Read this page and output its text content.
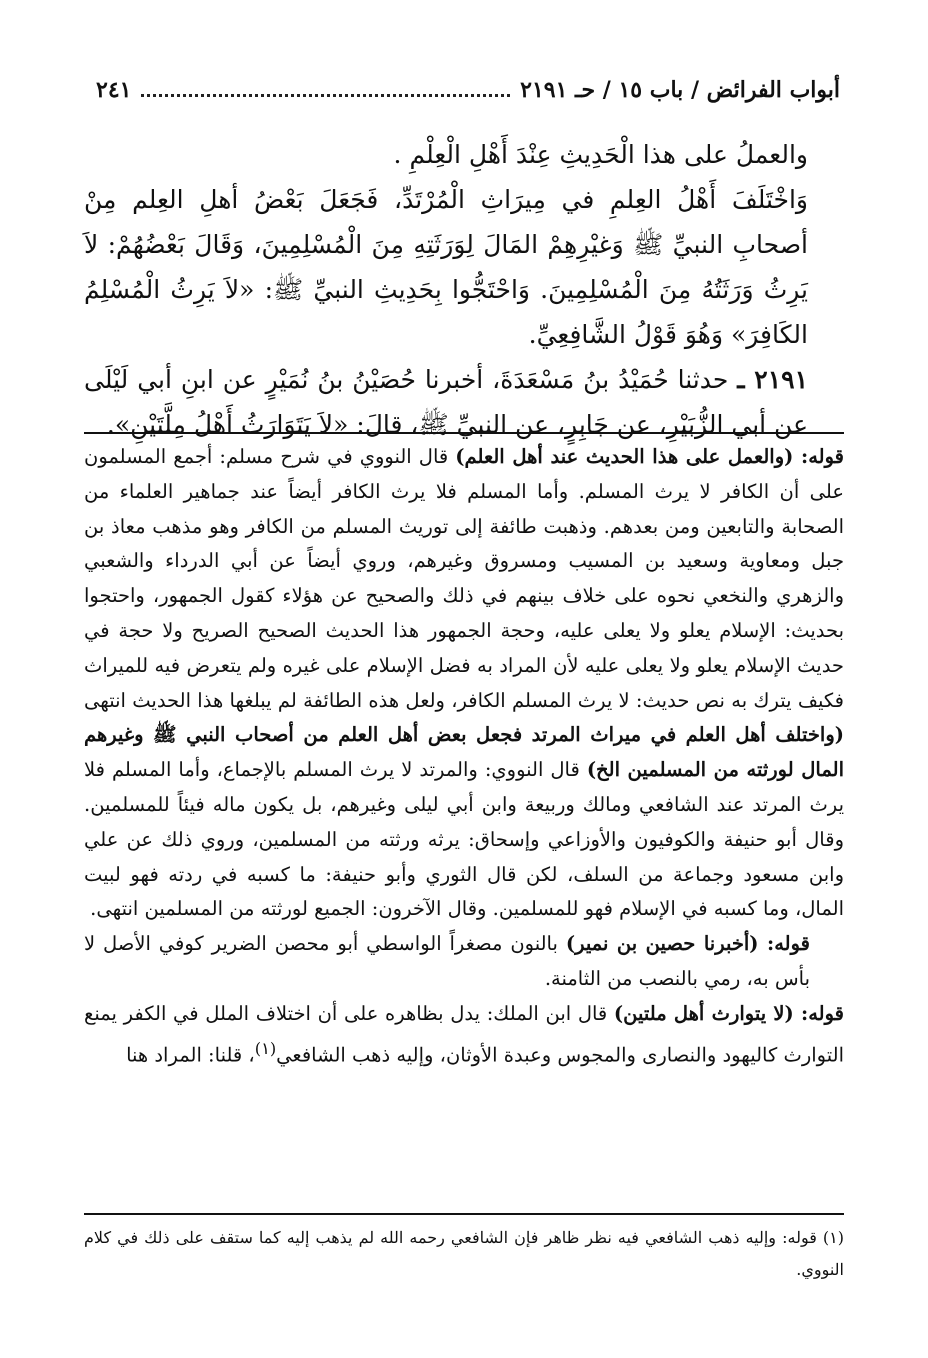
أبواب الفرائض / باب ١٥ / حـ ٢١٩١
٢٤١

والعملُ على هذا الْحَدِيثِ عِنْدَ أَهْلِ الْعِلْمِ .

وَاخْتَلَفَ أَهْلُ العِلمِ في مِيرَاثِ الْمُرْتَدِّ، فَجَعَلَ بَعْضُ أهلِ العِلم مِنْ أصحابِ النبيِّ ﷺ وَغيْرِهِمْ المَالَ لِوَرَثَتِهِ مِنَ الْمُسْلِمِينَ، وَقَالَ بَعْضُهُمْ: لاَ يَرِثُ وَرَثَتُهُ مِنَ الْمُسْلِمِينَ. وَاحْتَجُّوا بِحَدِيثِ النبيِّ ﷺ: «لاَ يَرِثُ الْمُسْلِمُ الكَافِرَ» وَهُوَ قَوْلُ الشَّافِعِيِّ.

٢١٩١ ـ حدثنا حُمَيْدُ بنُ مَسْعَدَةَ، أخبرنا حُصَيْنُ بنُ نُمَيْرٍ عن ابنِ أبي لَيْلَى عن أبي الزُّبَيْرِ، عن جَابِرٍ، عن النبيِّ ﷺ، قالَ: «لاَ يَتَوَارَثُ أَهْلُ مِلَّتَيْنِ».

قوله: (والعمل على هذا الحديث عند أهل العلم) قال النووي في شرح مسلم: أجمع المسلمون على أن الكافر لا يرث المسلم. وأما المسلم فلا يرث الكافر أيضاً عند جماهير العلماء من الصحابة والتابعين ومن بعدهم. وذهبت طائفة إلى توريث المسلم من الكافر وهو مذهب معاذ بن جبل ومعاوية وسعيد بن المسيب ومسروق وغيرهم، وروي أيضاً عن أبي الدرداء والشعبي والزهري والنخعي نحوه على خلاف بينهم في ذلك والصحيح عن هؤلاء كقول الجمهور، واحتجوا بحديث: الإسلام يعلو ولا يعلى عليه، وحجة الجمهور هذا الحديث الصحيح الصريح ولا حجة في حديث الإسلام يعلو ولا يعلى عليه لأن المراد به فضل الإسلام على غيره ولم يتعرض فيه للميراث فكيف يترك به نص حديث: لا يرث المسلم الكافر، ولعل هذه الطائفة لم يبلغها هذا الحديث انتهى (واختلف أهل العلم في ميراث المرتد فجعل بعض أهل العلم من أصحاب النبي ﷺ وغيرهم المال لورثته من المسلمين الخ) قال النووي: والمرتد لا يرث المسلم بالإجماع، وأما المسلم فلا يرث المرتد عند الشافعي ومالك وربيعة وابن أبي ليلى وغيرهم، بل يكون ماله فيئاً للمسلمين. وقال أبو حنيفة والكوفيون والأوزاعي وإسحاق: يرثه ورثته من المسلمين، وروي ذلك عن علي وابن مسعود وجماعة من السلف، لكن قال الثوري وأبو حنيفة: ما كسبه في ردته فهو لبيت المال، وما كسبه في الإسلام فهو للمسلمين. وقال الآخرون: الجميع لورثته من المسلمين انتهى.

قوله: (أخبرنا حصين بن نمير) بالنون مصغراً الواسطي أبو محصن الضرير كوفي الأصل لا بأس به، رمي بالنصب من الثامنة.

قوله: (لا يتوارث أهل ملتين) قال ابن الملك: يدل بظاهره على أن اختلاف الملل في الكفر يمنع التوارث كاليهود والنصارى والمجوس وعبدة الأوثان، وإليه ذهب الشافعي$^{(١)}$، قلنا: المراد هنا

(١) قوله: وإليه ذهب الشافعي فيه نظر ظاهر فإن الشافعي رحمه الله لم يذهب إليه كما ستقف على ذلك في كلام النووي.
